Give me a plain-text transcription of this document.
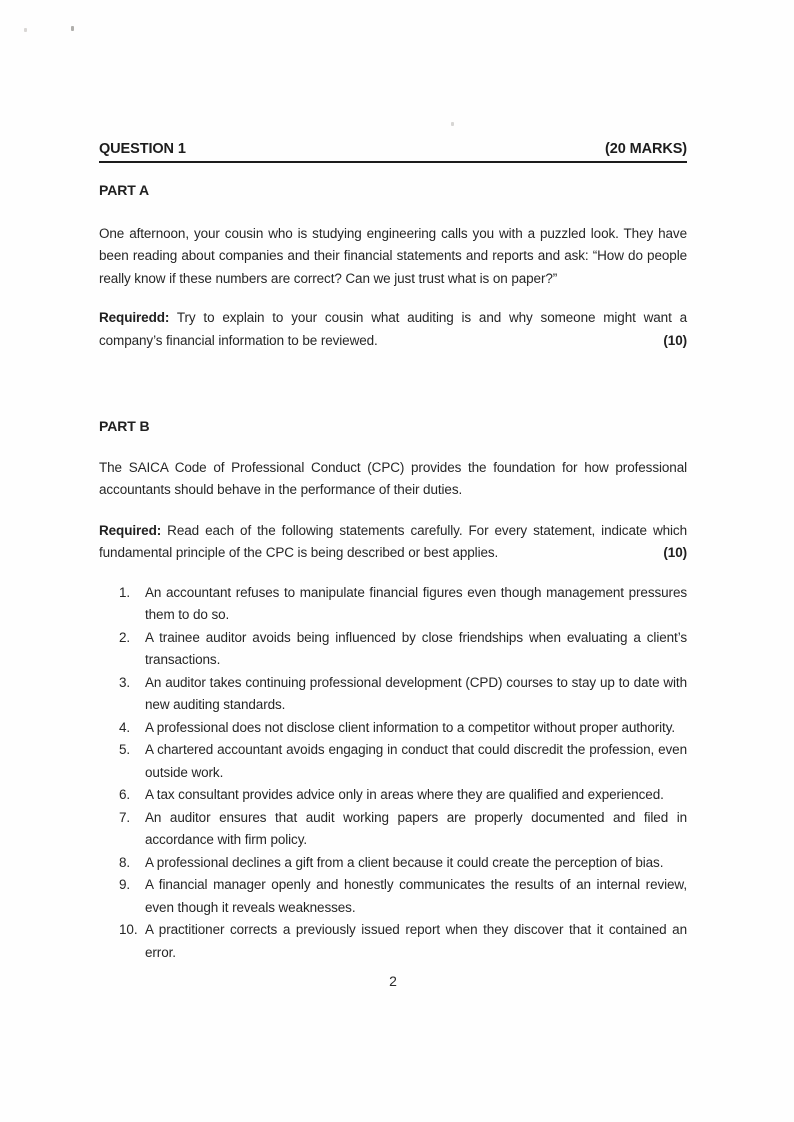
QUESTION 1	(20 MARKS)
PART A

One afternoon, your cousin who is studying engineering calls you with a puzzled look. They have been reading about companies and their financial statements and reports and ask: “How do people really know if these numbers are correct? Can we just trust what is on paper?”

Requiredd: Try to explain to your cousin what auditing is and why someone might want a company’s financial information to be reviewed.	(10)

PART B

The SAICA Code of Professional Conduct (CPC) provides the foundation for how professional accountants should behave in the performance of their duties.

Required: Read each of the following statements carefully. For every statement, indicate which fundamental principle of the CPC is being described or best applies.	(10)

1. An accountant refuses to manipulate financial figures even though management pressures them to do so.
2. A trainee auditor avoids being influenced by close friendships when evaluating a client’s transactions.
3. An auditor takes continuing professional development (CPD) courses to stay up to date with new auditing standards.
4. A professional does not disclose client information to a competitor without proper authority.
5. A chartered accountant avoids engaging in conduct that could discredit the profession, even outside work.
6. A tax consultant provides advice only in areas where they are qualified and experienced.
7. An auditor ensures that audit working papers are properly documented and filed in accordance with firm policy.
8. A professional declines a gift from a client because it could create the perception of bias.
9. A financial manager openly and honestly communicates the results of an internal review, even though it reveals weaknesses.
10. A practitioner corrects a previously issued report when they discover that it contained an error.
2
